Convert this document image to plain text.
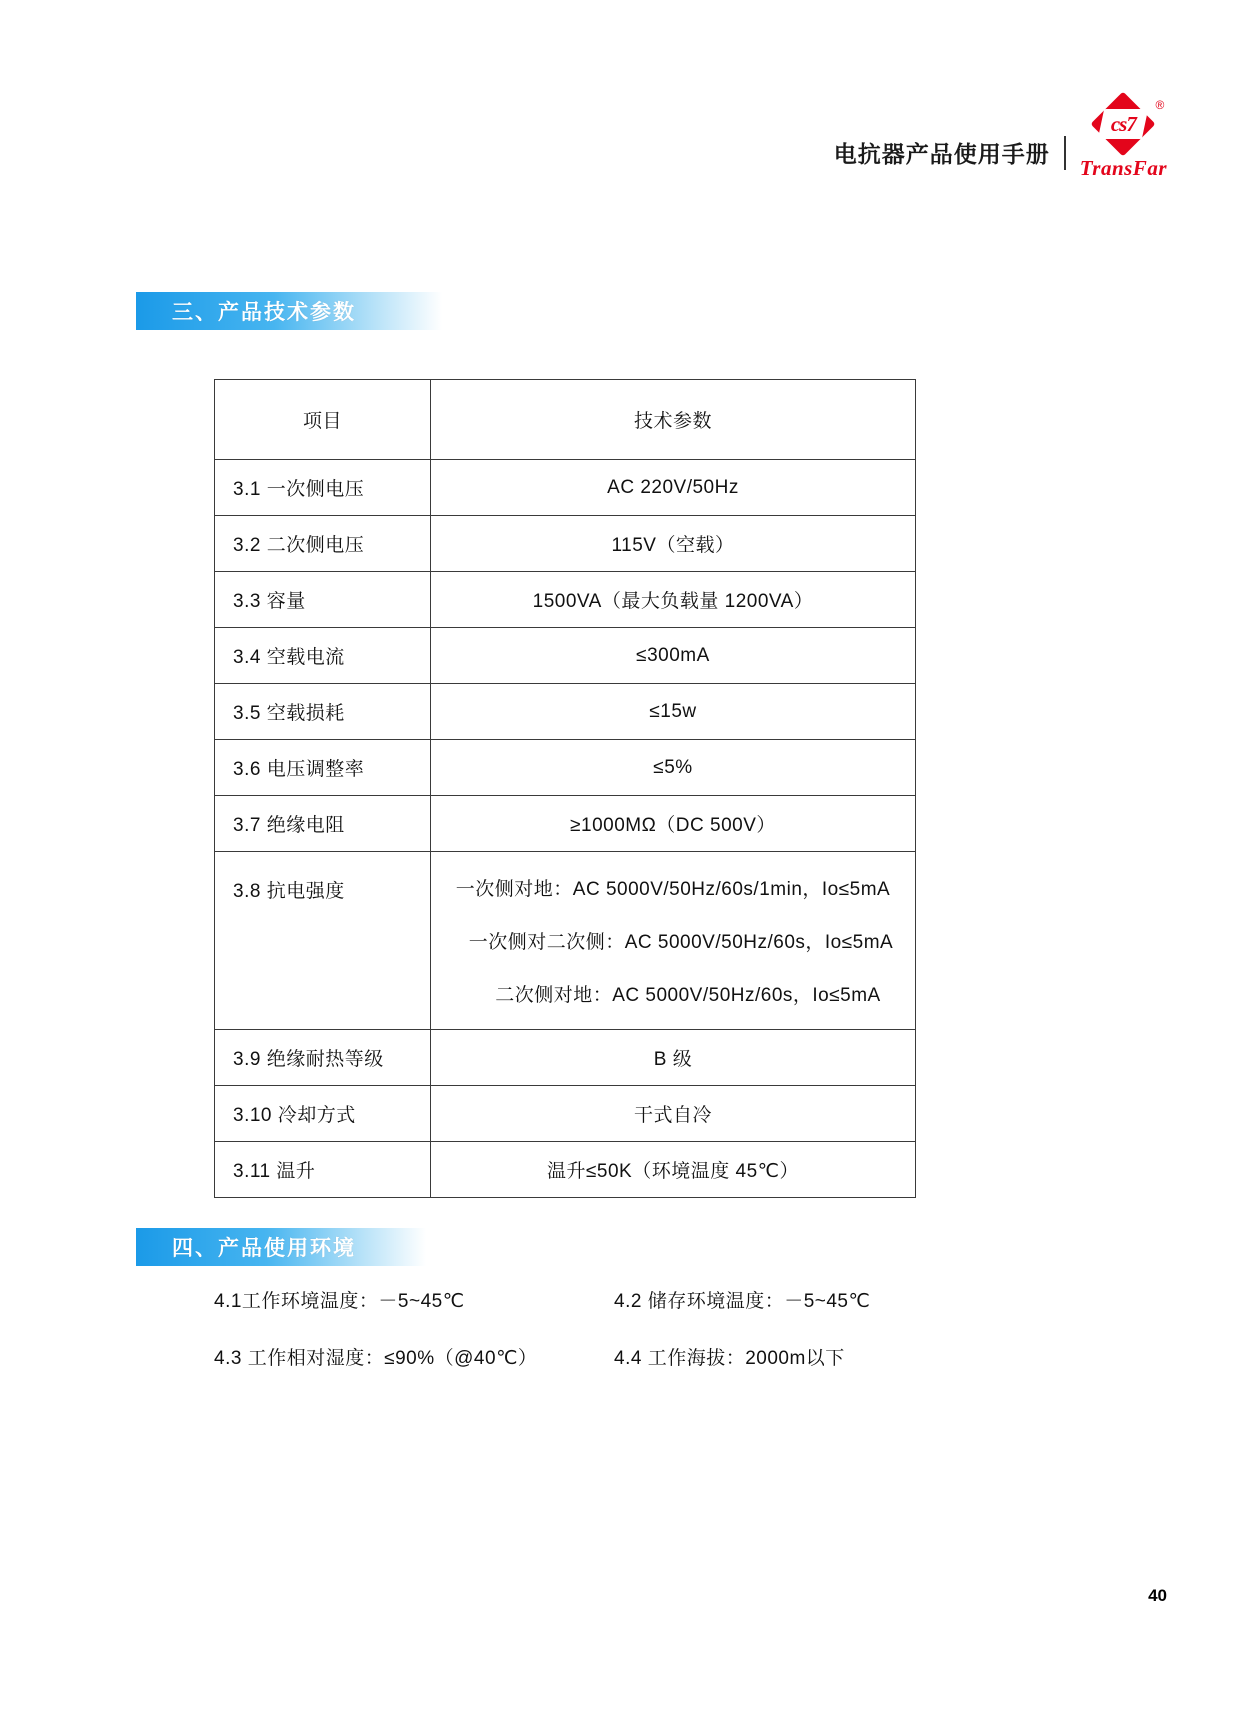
电抗器产品使用手册
cs7
®
TransFar
三、产品技术参数
项目	技术参数
3.1 一次侧电压	AC 220V/50Hz
3.2 二次侧电压	115V（空载）
3.3 容量	1500VA（最大负载量 1200VA）
3.4 空载电流	≤300mA
3.5 空载损耗	≤15w
3.6 电压调整率	≤5%
3.7 绝缘电阻	≥1000MΩ（DC 500V）
3.8 抗电强度	一次侧对地：AC 5000V/50Hz/60s/1min，Io≤5mA
一次侧对二次侧：AC 5000V/50Hz/60s，Io≤5mA
二次侧对地：AC 5000V/50Hz/60s，Io≤5mA

3.9 绝缘耐热等级	B 级
3.10 冷却方式	干式自冷
3.11 温升	温升≤50K（环境温度 45℃）
四、产品使用环境
4.1工作环境温度：－5~45℃	4.2 储存环境温度：－5~45℃
4.3 工作相对湿度：≤90%（@40℃）	4.4 工作海拔：2000m以下
40
